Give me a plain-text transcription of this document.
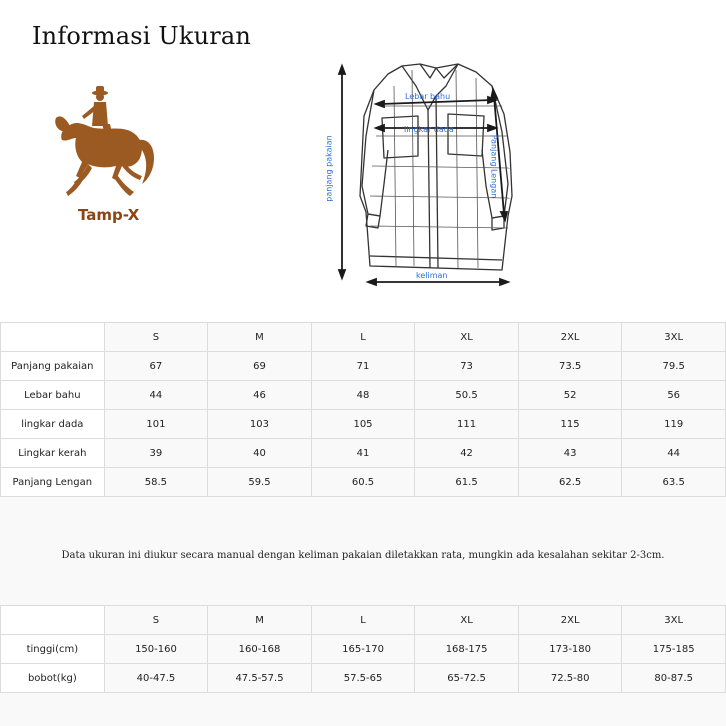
Informasi Ukuran
Tamp-X
Lebar bahu
lingkar dada
panjang pakaian	Panjang Lengan
keliman
	S	M	L	XL	2XL	3XL
Panjang pakaian	67	69	71	73	73.5	79.5
Lebar bahu	44	46	48	50.5	52	56
lingkar dada	101	103	105	111	115	119
Lingkar kerah	39	40	41	42	43	44
Panjang Lengan	58.5	59.5	60.5	61.5	62.5	63.5
Data ukuran ini diukur secara manual dengan keliman pakaian diletakkan rata, mungkin ada kesalahan sekitar 2-3cm.
	S	M	L	XL	2XL	3XL
tinggi(cm)	150-160	160-168	165-170	168-175	173-180	175-185
bobot(kg)	40-47.5	47.5-57.5	57.5-65	65-72.5	72.5-80	80-87.5
